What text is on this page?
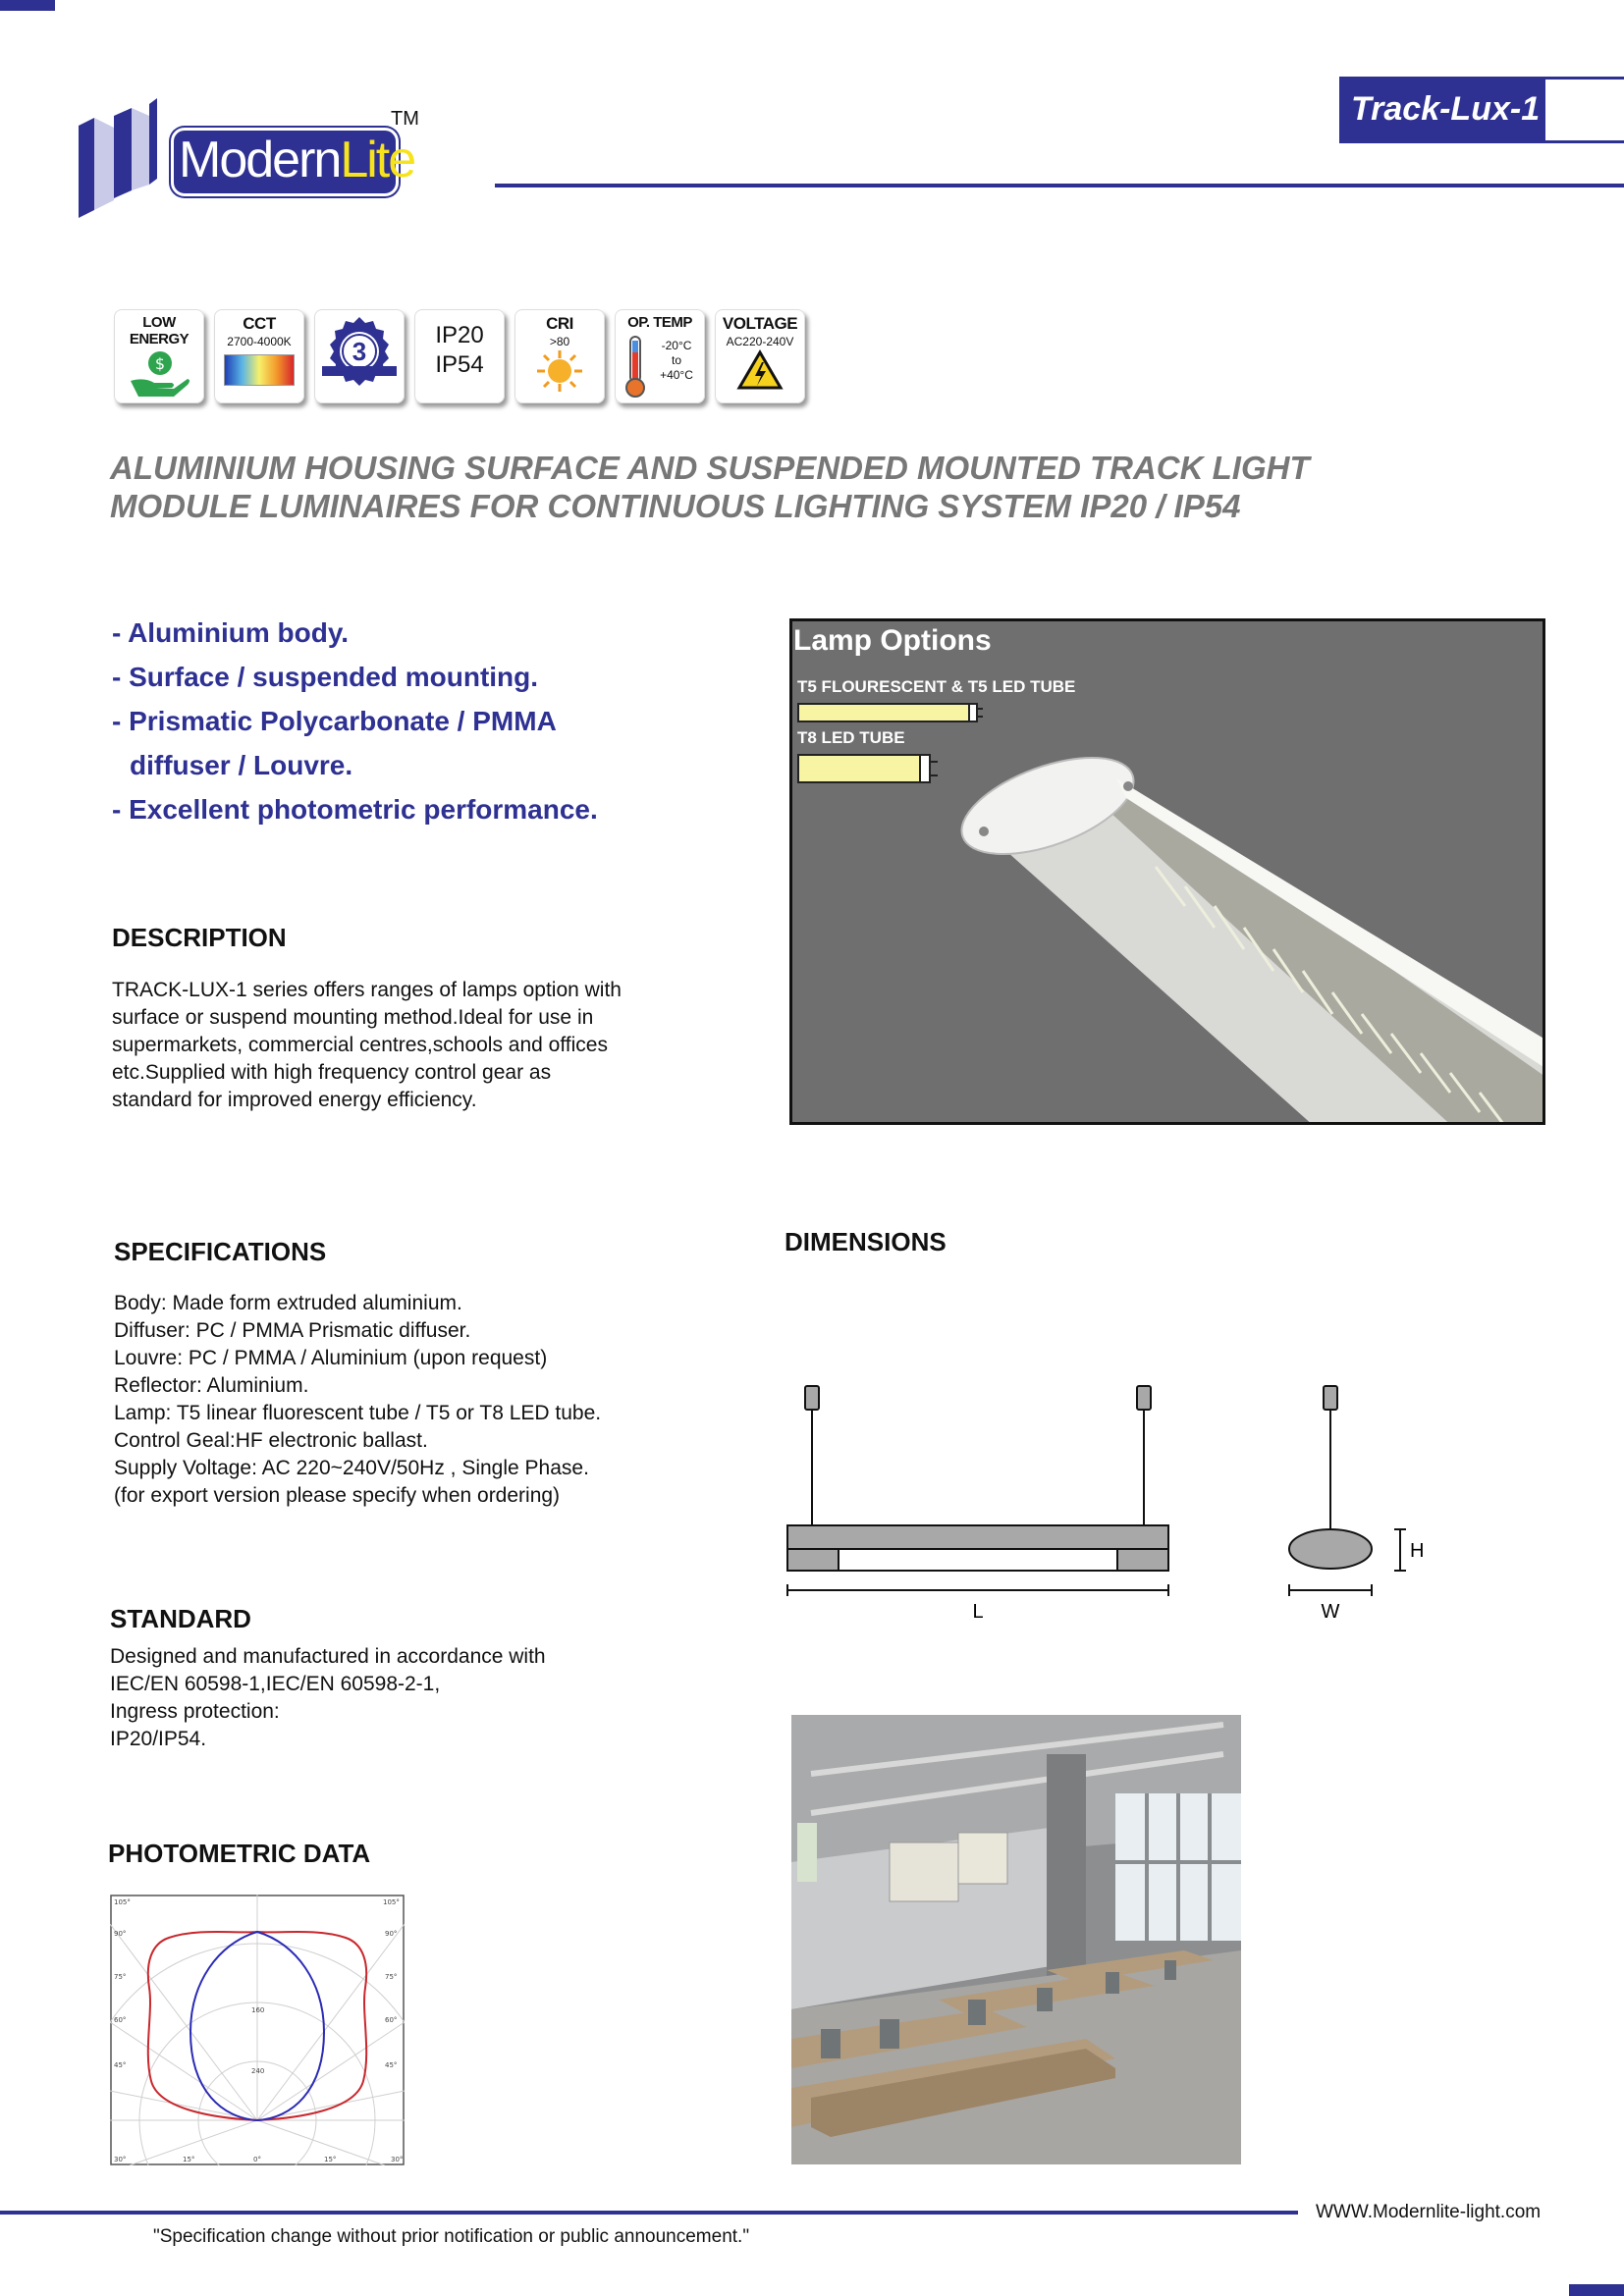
ModernLite
TM	Track-Lux-1
LOW ENERGY
$
CCT
2700-4000K	3
IP20
IP54
CRI
>80
OP. TEMP
-20°C
to
+40°C
VOLTAGE
AC220-240V
ALUMINIUM HOUSING SURFACE AND SUSPENDED MOUNTED TRACK LIGHT
MODULE LUMINAIRES FOR CONTINUOUS LIGHTING SYSTEM IP20 / IP54
- Aluminium body.
- Surface / suspended mounting.
- Prismatic Polycarbonate / PMMA
diffuser / Louvre.
- Excellent photometric performance.
Lamp Options
T5 FLOURESCENT & T5 LED TUBE
T8 LED TUBE
DESCRIPTION
TRACK-LUX-1 series offers ranges of lamps option with
surface or suspend mounting method.Ideal for use in
supermarkets, commercial centres,schools and offices
etc.Supplied with high frequency control gear as
standard for improved energy efficiency.
SPECIFICATIONS
Body: Made form extruded aluminium.
Diffuser: PC / PMMA Prismatic diffuser.
Louvre: PC / PMMA / Aluminium (upon request)
Reflector: Aluminium.
Lamp: T5 linear fluorescent tube / T5 or T8 LED tube.
Control Geal:HF electronic ballast.
Supply Voltage: AC 220~240V/50Hz , Single Phase.
(for export version please specify when ordering)
DIMENSIONS
L	W
H
STANDARD
Designed and manufactured in accordance with
IEC/EN 60598-1,IEC/EN 60598-2-1,
Ingress protection:
IP20/IP54.
PHOTOMETRIC DATA
105°
90°
75°
60°
45°
105°
90°
75°
60°
45°
30°	15°	0°	15°	30°
160
240
WWW.Modernlite-light.com
"Specification change without prior notification or public announcement."
